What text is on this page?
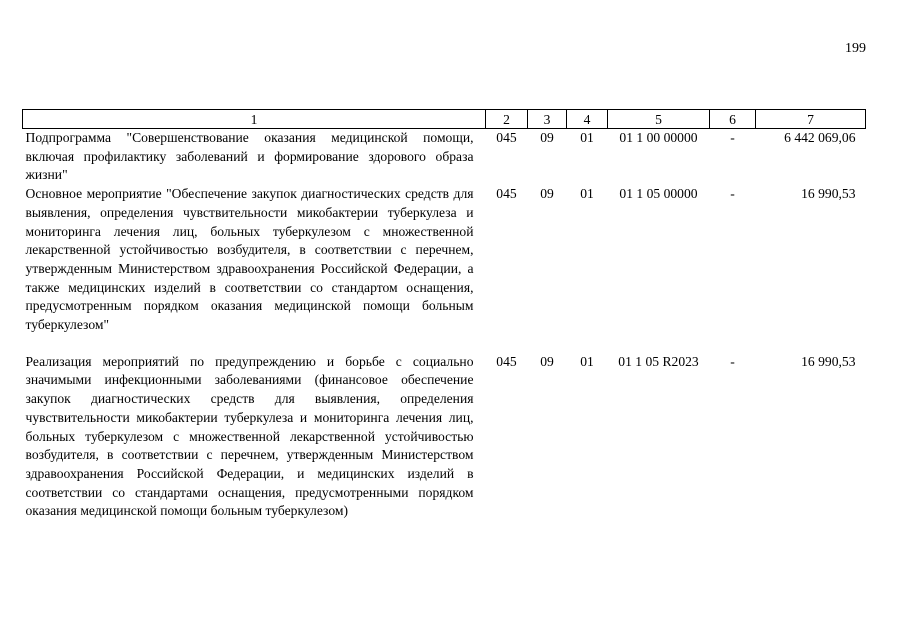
199
1	2	3	4	5	6	7
Подпрограмма "Совершенствование оказания медицинской помощи, включая профилактику заболеваний и формирование здорового образа жизни"	045	09	01	01 1 00 00000	-	6 442 069,06
Основное мероприятие "Обеспечение закупок диагностических средств для выявления, определения чувствительности микобактерии туберкулеза и мониторинга лечения лиц, больных туберкулезом с множественной лекарственной устойчивостью возбудителя, в соответствии с перечнем, утвержденным Министерством здравоохранения Российской Федерации, а также медицинских изделий в соответствии со стандартом оснащения, предусмотренным порядком оказания медицинской помощи больным туберкулезом"	045	09	01	01 1 05 00000	-	16 990,53

Реализация мероприятий по предупреждению и борьбе с социально значимыми инфекционными заболеваниями (финансовое обеспечение закупок диагностических средств для выявления, определения чувствительности микобактерии туберкулеза и мониторинга лечения лиц, больных туберкулезом с множественной лекарственной устойчивостью возбудителя, в соответствии с перечнем, утвержденным Министерством здравоохранения Российской Федерации, и медицинских изделий в соответствии со стандартами оснащения, предусмотренными порядком оказания медицинской помощи больным туберкулезом)	045	09	01	01 1 05 R2023	-	16 990,53
